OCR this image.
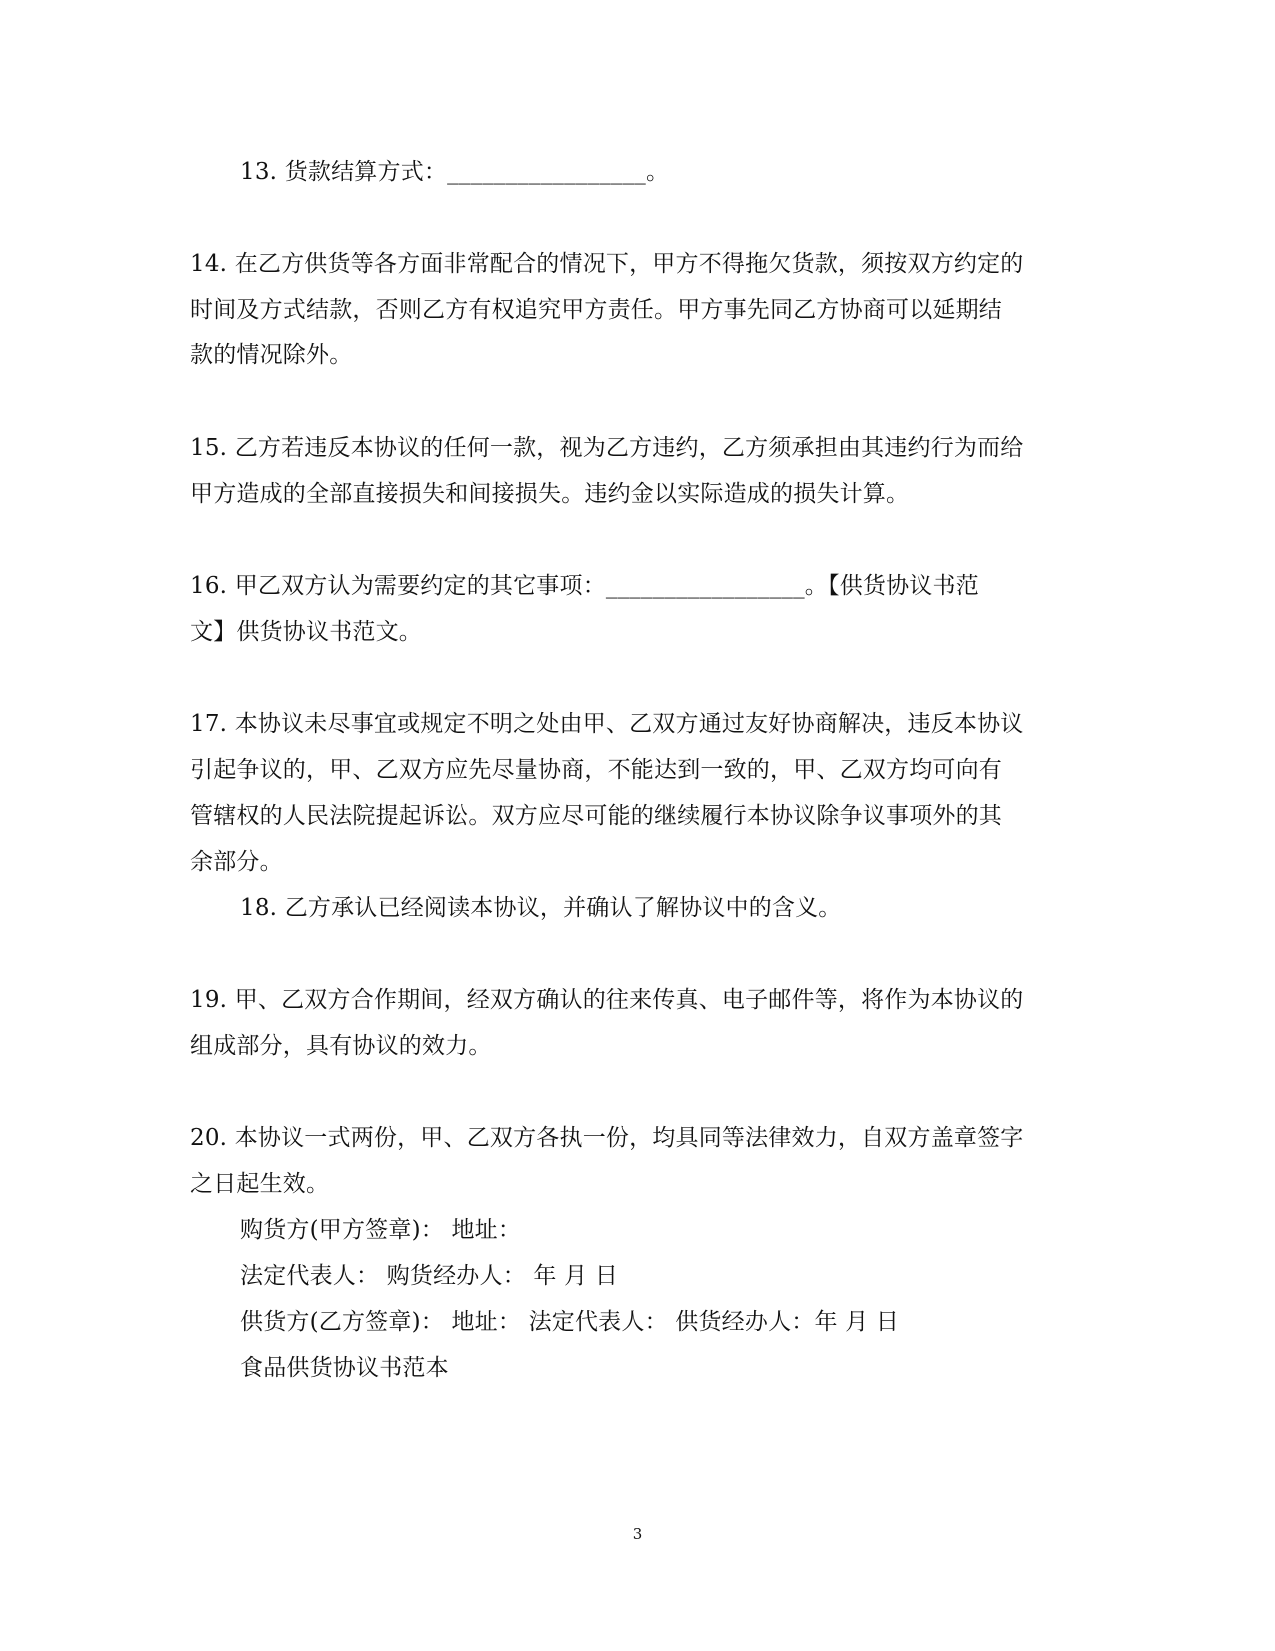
13. 货款结算方式：_________________。
14. 在乙方供货等各方面非常配合的情况下，甲方不得拖欠货款，须按双方约定的
时间及方式结款，否则乙方有权追究甲方责任。甲方事先同乙方协商可以延期结
款的情况除外。
15. 乙方若违反本协议的任何一款，视为乙方违约，乙方须承担由其违约行为而给
甲方造成的全部直接损失和间接损失。违约金以实际造成的损失计算。
16. 甲乙双方认为需要约定的其它事项：_________________。【供货协议书范
文】供货协议书范文。
17. 本协议未尽事宜或规定不明之处由甲、乙双方通过友好协商解决，违反本协议
引起争议的，甲、乙双方应先尽量协商，不能达到一致的，甲、乙双方均可向有
管辖权的人民法院提起诉讼。双方应尽可能的继续履行本协议除争议事项外的其
余部分。
18. 乙方承认已经阅读本协议，并确认了解协议中的含义。
19. 甲、乙双方合作期间，经双方确认的往来传真、电子邮件等，将作为本协议的
组成部分，具有协议的效力。
20. 本协议一式两份，甲、乙双方各执一份，均具同等法律效力，自双方盖章签字
之日起生效。
购货方(甲方签章)： 地址：
法定代表人： 购货经办人： 年 月 日
供货方(乙方签章)： 地址： 法定代表人： 供货经办人：年 月 日
食品供货协议书范本
3
